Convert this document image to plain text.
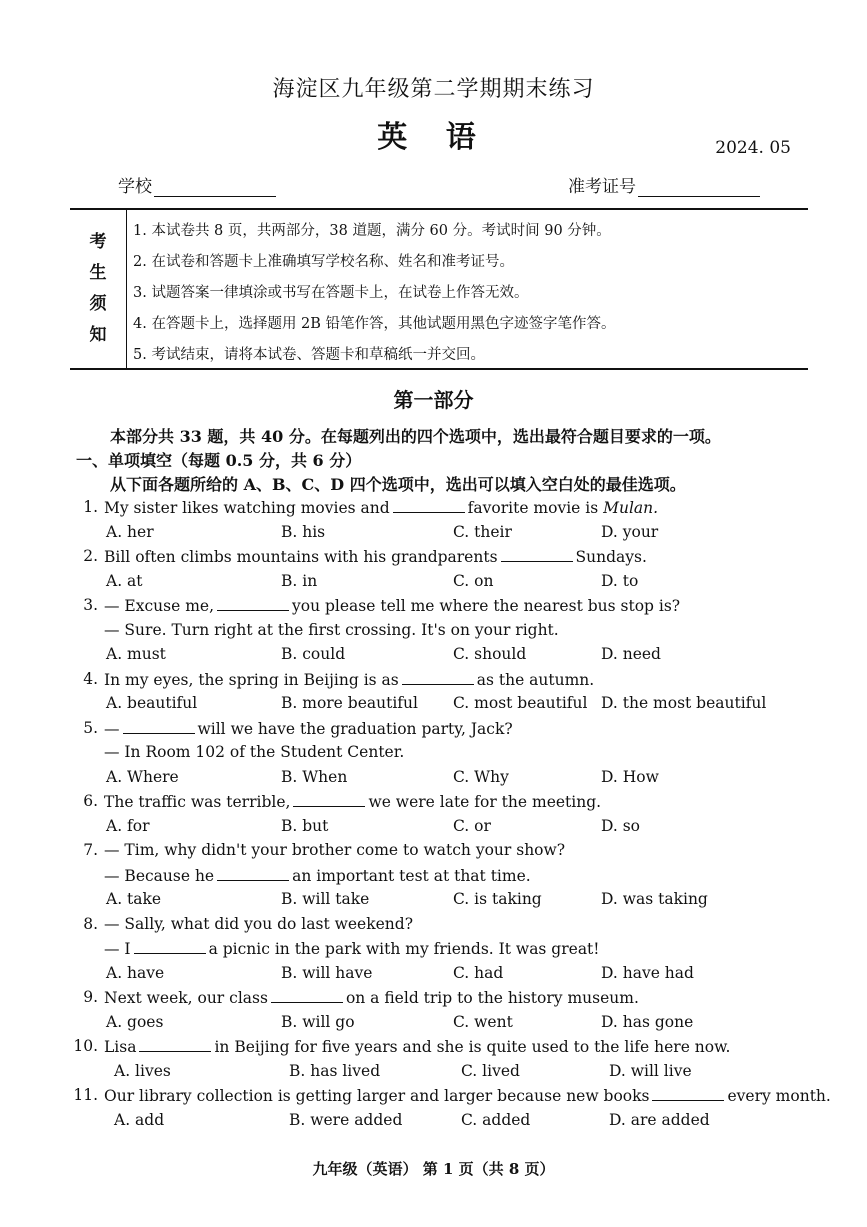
海淀区九年级第二学期期末练习
英 语	2024. 05
学校	准考证号
考
生
须
知
1. 本试卷共 8 页，共两部分，38 道题，满分 60 分。考试时间 90 分钟。
2. 在试卷和答题卡上准确填写学校名称、姓名和准考证号。
3. 试题答案一律填涂或书写在答题卡上，在试卷上作答无效。
4. 在答题卡上，选择题用 2B 铅笔作答，其他试题用黑色字迹签字笔作答。
5. 考试结束，请将本试卷、答题卡和草稿纸一并交回。
第一部分
本部分共 33 题，共 40 分。在每题列出的四个选项中，选出最符合题目要求的一项。
一、单项填空（每题 0.5 分，共 6 分）
从下面各题所给的 A、B、C、D 四个选项中，选出可以填入空白处的最佳选项。
1. My sister likes watching movies and	favorite movie is Mulan.
A. her	B. his	C. their	D. your
2. Bill often climbs mountains with his grandparents	Sundays.
A. at	B. in	C. on	D. to
3. — Excuse me,	you please tell me where the nearest bus stop is?
— Sure. Turn right at the first crossing. It's on your right.
A. must	B. could	C. should	D. need
4. In my eyes, the spring in Beijing is as	as the autumn.
A. beautiful	B. more beautiful C. most beautiful D. the most beautiful
5. —	will we have the graduation party, Jack?
— In Room 102 of the Student Center.
A. Where	B. When	C. Why	D. How
6. The traffic was terrible,	we were late for the meeting.
A. for	B. but	C. or	D. so
7. — Tim, why didn't your brother come to watch your show?
— Because he	an important test at that time.
A. take	B. will take	C. is taking	D. was taking
8. — Sally, what did you do last weekend?
— I	a picnic in the park with my friends. It was great!
A. have	B. will have	C. had	D. have had
9. Next week, our class	on a field trip to the history museum.
A. goes	B. will go	C. went	D. has gone
10. Lisa	in Beijing for five years and she is quite used to the life here now.
A. lives	B. has lived	C. lived	D. will live
11. Our library collection is getting larger and larger because new books	every month.
A. add	B. were added	C. added	D. are added
九年级（英语） 第 1 页（共 8 页）
